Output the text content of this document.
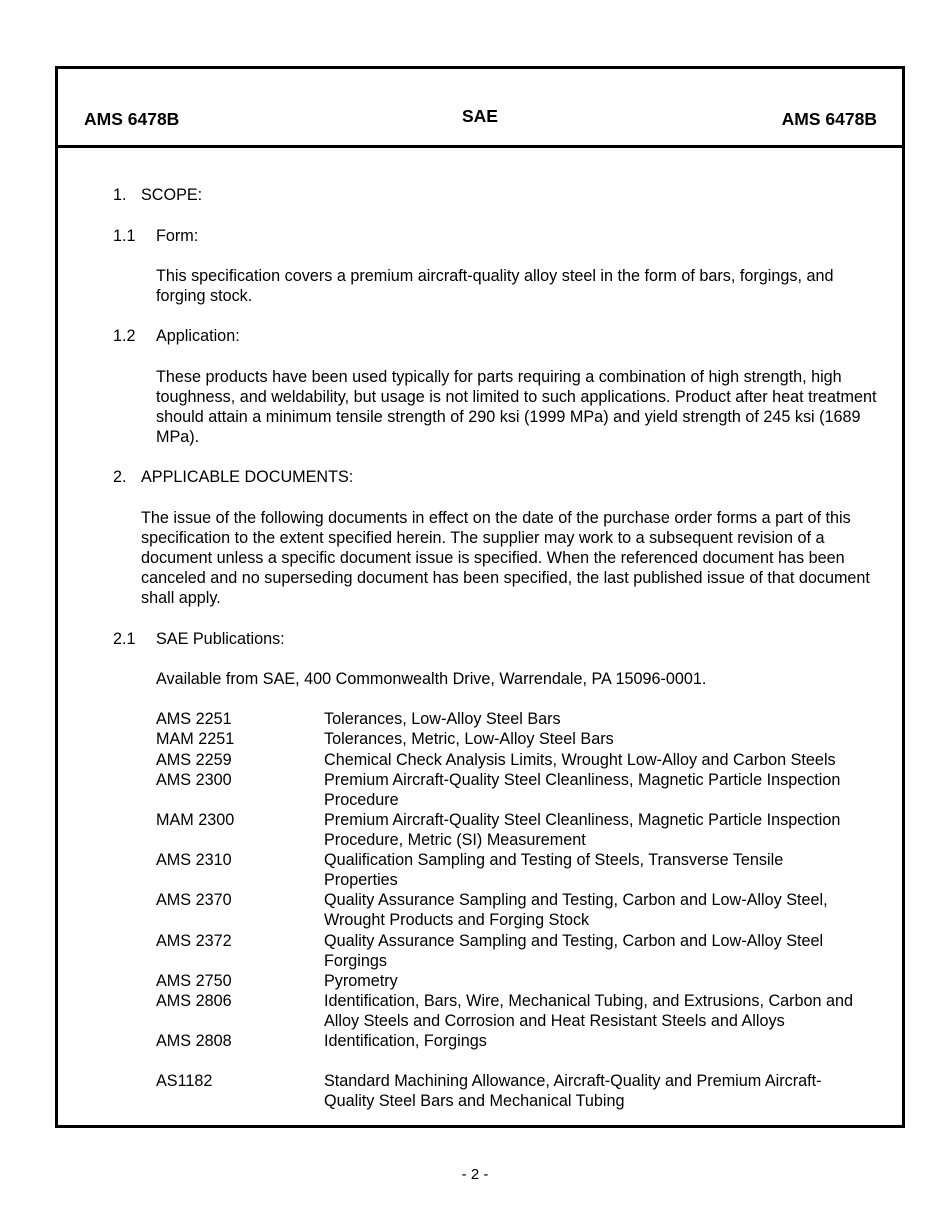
AMS 6478B	SAE	AMS 6478B
1. SCOPE:
1.1 Form:
This specification covers a premium aircraft-quality alloy steel in the form of bars, forgings, and forging stock.
1.2 Application:
These products have been used typically for parts requiring a combination of high strength, high toughness, and weldability, but usage is not limited to such applications. Product after heat treatment should attain a minimum tensile strength of 290 ksi (1999 MPa) and yield strength of 245 ksi (1689 MPa).
2. APPLICABLE DOCUMENTS:
The issue of the following documents in effect on the date of the purchase order forms a part of this specification to the extent specified herein. The supplier may work to a subsequent revision of a document unless a specific document issue is specified. When the referenced document has been canceled and no superseding document has been specified, the last published issue of that document shall apply.
2.1 SAE Publications:
Available from SAE, 400 Commonwealth Drive, Warrendale, PA 15096-0001.
AMS 2251	Tolerances, Low-Alloy Steel Bars
MAM 2251	Tolerances, Metric, Low-Alloy Steel Bars
AMS 2259	Chemical Check Analysis Limits, Wrought Low-Alloy and Carbon Steels
AMS 2300	Premium Aircraft-Quality Steel Cleanliness, Magnetic Particle Inspection Procedure
MAM 2300	Premium Aircraft-Quality Steel Cleanliness, Magnetic Particle Inspection Procedure, Metric (SI) Measurement
AMS 2310	Qualification Sampling and Testing of Steels, Transverse Tensile Properties
AMS 2370	Quality Assurance Sampling and Testing, Carbon and Low-Alloy Steel, Wrought Products and Forging Stock
AMS 2372	Quality Assurance Sampling and Testing, Carbon and Low-Alloy Steel Forgings
AMS 2750	Pyrometry
AMS 2806	Identification, Bars, Wire, Mechanical Tubing, and Extrusions, Carbon and Alloy Steels and Corrosion and Heat Resistant Steels and Alloys
AMS 2808	Identification, Forgings
AS1182	Standard Machining Allowance, Aircraft-Quality and Premium Aircraft-Quality Steel Bars and Mechanical Tubing
- 2 -
